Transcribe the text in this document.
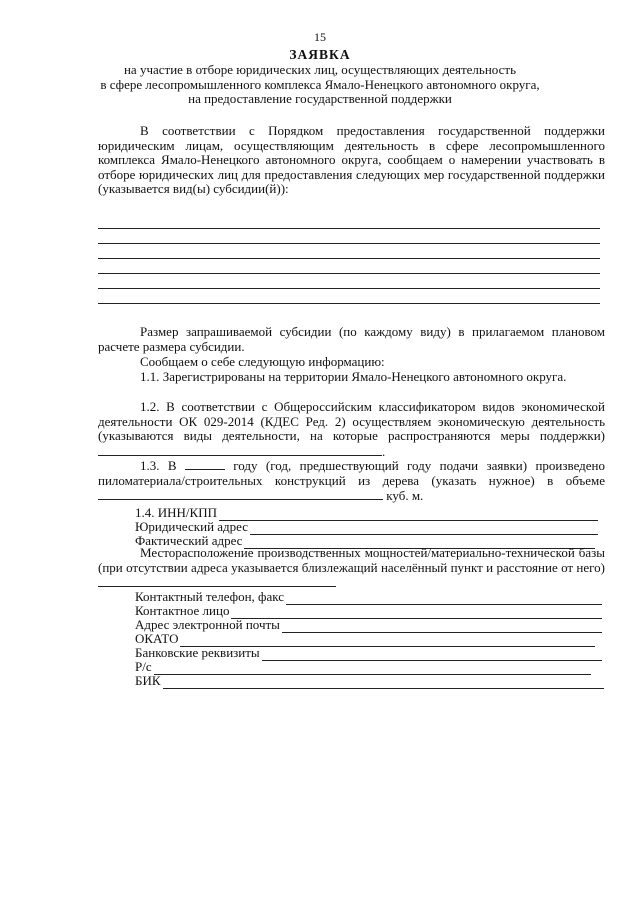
15
ЗАЯВКА
на участие в отборе юридических лиц, осуществляющих деятельность
в сфере лесопромышленного комплекса Ямало-Ненецкого автономного округа,
на предоставление государственной поддержки
В соответствии с Порядком предоставления государственной поддержки юридическим лицам, осуществляющим деятельность в сфере лесопромышленного комплекса Ямало-Ненецкого автономного округа, сообщаем о намерении участвовать в отборе юридических лиц для предоставления следующих мер государственной поддержки (указывается вид(ы) субсидии(й)):
Размер запрашиваемой субсидии (по каждому виду) в прилагаемом плановом расчете размера субсидии.
Сообщаем о себе следующую информацию:
1.1. Зарегистрированы на территории Ямало-Ненецкого автономного округа.
1.2. В соответствии с Общероссийским классификатором видов экономической деятельности ОК 029-2014 (КДЕС Ред. 2) осуществляем экономическую деятельность (указываются виды деятельности, на которые распространяются меры поддержки) .
1.3. В	году (год, предшествующий году подачи заявки) произведено пиломатериала/строительных конструкций из дерева (указать нужное) в объеме  куб. м.
1.4. ИНН/КПП
Юридический адрес
Фактический адрес
Месторасположение производственных мощностей/материально-технической базы (при отсутствии адреса указывается близлежащий населённый пункт и расстояние от него)
Контактный телефон, факс
Контактное лицо
Адрес электронной почты
ОКАТО
Банковские реквизиты
Р/с
БИК
